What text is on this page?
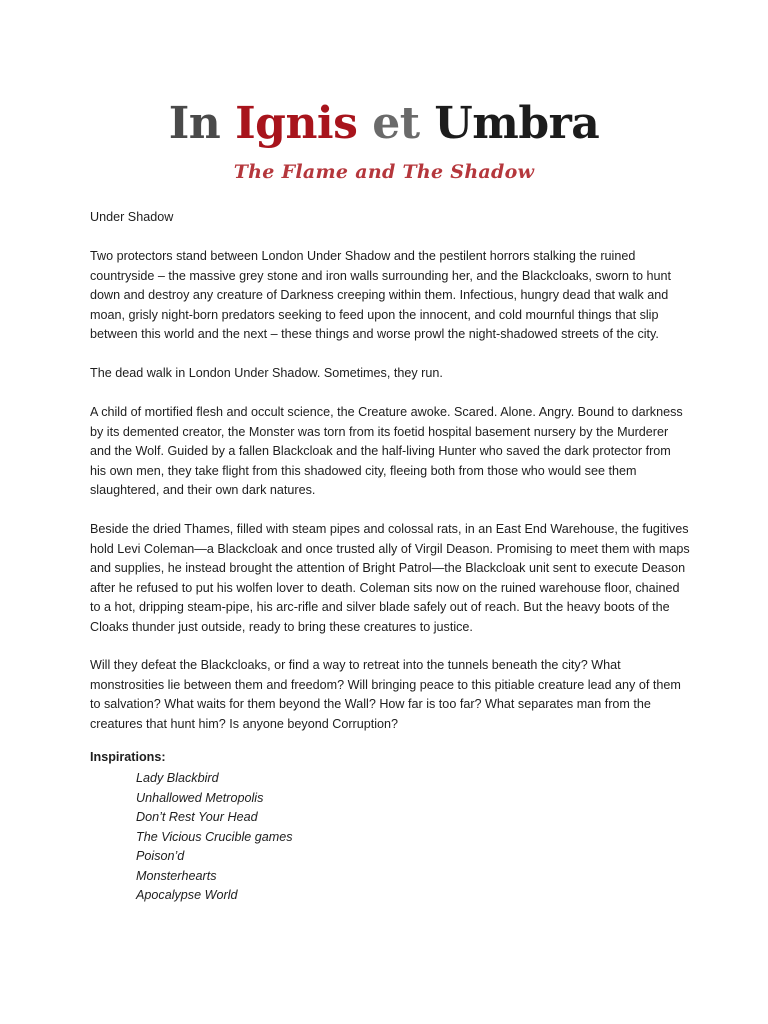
In Ignis et Umbra
The Flame and The Shadow

Under Shadow

Two protectors stand between London Under Shadow and the pestilent horrors stalking the ruined countryside – the massive grey stone and iron walls surrounding her, and the Blackcloaks, sworn to hunt down and destroy any creature of Darkness creeping within them. Infectious, hungry dead that walk and moan, grisly night-born predators seeking to feed upon the innocent, and cold mournful things that slip between this world and the next – these things and worse prowl the night-shadowed streets of the city.

The dead walk in London Under Shadow. Sometimes, they run.

A child of mortified flesh and occult science, the Creature awoke. Scared. Alone. Angry. Bound to darkness by its demented creator, the Monster was torn from its foetid hospital basement nursery by the Murderer and the Wolf. Guided by a fallen Blackcloak and the half-living Hunter who saved the dark protector from his own men, they take flight from this shadowed city, fleeing both from those who would see them slaughtered, and their own dark natures.

Beside the dried Thames, filled with steam pipes and colossal rats, in an East End Warehouse, the fugitives hold Levi Coleman—a Blackcloak and once trusted ally of Virgil Deason. Promising to meet them with maps and supplies, he instead brought the attention of Bright Patrol—the Blackcloak unit sent to execute Deason after he refused to put his wolfen lover to death. Coleman sits now on the ruined warehouse floor, chained to a hot, dripping steam-pipe, his arc-rifle and silver blade safely out of reach. But the heavy boots of the Cloaks thunder just outside, ready to bring these creatures to justice.

Will they defeat the Blackcloaks, or find a way to retreat into the tunnels beneath the city? What monstrosities lie between them and freedom? Will bringing peace to this pitiable creature lead any of them to salvation? What waits for them beyond the Wall? How far is too far? What separates man from the creatures that hunt him? Is anyone beyond Corruption?

Inspirations:
Lady Blackbird
Unhallowed Metropolis
Don’t Rest Your Head
The Vicious Crucible games
Poison’d
Monsterhearts
Apocalypse World
